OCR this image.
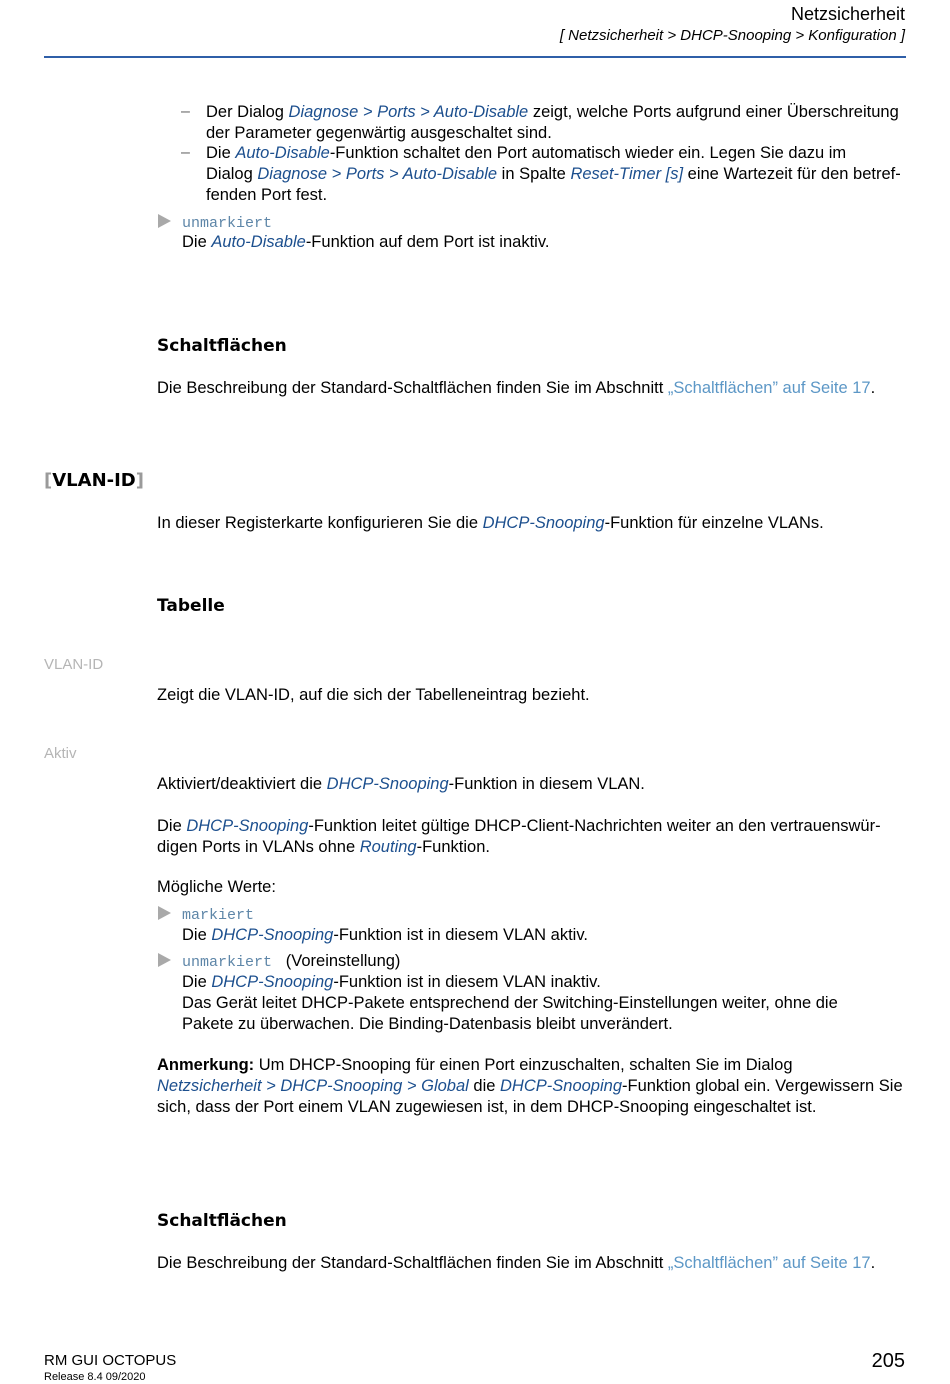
Netzsicherheit
[ Netzsicherheit > DHCP-Snooping > Konfiguration ]
– Der Dialog Diagnose > Ports > Auto-Disable zeigt, welche Ports aufgrund einer Überschreitung
der Parameter gegenwärtig ausgeschaltet sind.
– Die Auto-Disable-Funktion schaltet den Port automatisch wieder ein. Legen Sie dazu im
Dialog Diagnose > Ports > Auto-Disable in Spalte Reset-Timer [s] eine Wartezeit für den betref-
fenden Port fest.
unmarkiert
Die Auto-Disable-Funktion auf dem Port ist inaktiv.
Schaltflächen
Die Beschreibung der Standard-Schaltflächen finden Sie im Abschnitt „Schaltflächen” auf Seite 17.
[VLAN-ID]
In dieser Registerkarte konfigurieren Sie die DHCP-Snooping-Funktion für einzelne VLANs.
Tabelle
VLAN-ID
Zeigt die VLAN-ID, auf die sich der Tabelleneintrag bezieht.
Aktiv
Aktiviert/deaktiviert die DHCP-Snooping-Funktion in diesem VLAN.
Die DHCP-Snooping-Funktion leitet gültige DHCP-Client-Nachrichten weiter an den vertrauenswür-
digen Ports in VLANs ohne Routing-Funktion.
Mögliche Werte:
markiert
Die DHCP-Snooping-Funktion ist in diesem VLAN aktiv.
unmarkiert (Voreinstellung)
Die DHCP-Snooping-Funktion ist in diesem VLAN inaktiv.
Das Gerät leitet DHCP-Pakete entsprechend der Switching-Einstellungen weiter, ohne die
Pakete zu überwachen. Die Binding-Datenbasis bleibt unverändert.
Anmerkung: Um DHCP-Snooping für einen Port einzuschalten, schalten Sie im Dialog
Netzsicherheit > DHCP-Snooping > Global die DHCP-Snooping-Funktion global ein. Vergewissern Sie
sich, dass der Port einem VLAN zugewiesen ist, in dem DHCP-Snooping eingeschaltet ist.
Schaltflächen
Die Beschreibung der Standard-Schaltflächen finden Sie im Abschnitt „Schaltflächen” auf Seite 17.
RM GUI OCTOPUS
Release 8.4 09/2020
205
